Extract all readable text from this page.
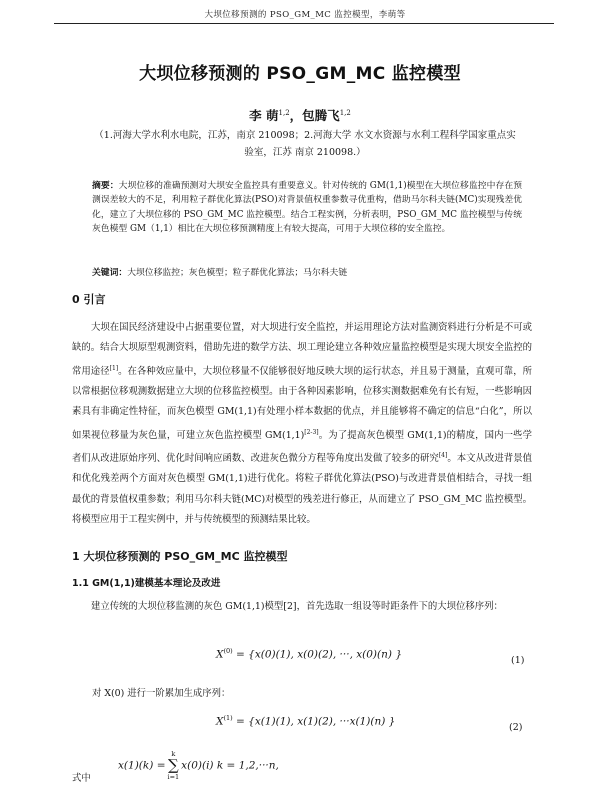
大坝位移预测的 PSO_GM_MC 监控模型，李萌等
大坝位移预测的 PSO_GM_MC 监控模型
李 萌$^{1,2}$，包腾飞$^{1,2}$
（1.河海大学水利水电院，江苏，南京 210098；2.河海大学 水文水资源与水利工程科学国家重点实
验室，江苏 南京 210098.）
摘要：大坝位移的准确预测对大坝安全监控具有重要意义。针对传统的 GM(1,1)模型在大坝位移监控中存在预测误差较大的不足，利用粒子群优化算法(PSO)对背景值权重参数寻优重构，借助马尔科夫链(MC)实现残差优化，建立了大坝位移的 PSO_GM_MC 监控模型。结合工程实例，分析表明，PSO_GM_MC 监控模型与传统灰色模型 GM（1,1）相比在大坝位移预测精度上有较大提高，可用于大坝位移的安全监控。
关键词：大坝位移监控；灰色模型；粒子群优化算法；马尔科夫链
0 引言
大坝在国民经济建设中占据重要位置，对大坝进行安全监控，并运用理论方法对监测资料进行分析是不可或缺的。结合大坝原型观测资料，借助先进的数学方法、坝工理论建立各种效应量监控模型是实现大坝安全监控的常用途径[1]。在各种效应量中，大坝位移量不仅能够很好地反映大坝的运行状态，并且易于测量，直观可靠，所以常根据位移观测数据建立大坝的位移监控模型。由于各种因素影响，位移实测数据难免有长有短，一些影响因素具有非确定性特征，而灰色模型 GM(1,1)有处理小样本数据的优点，并且能够将不确定的信息“白化”，所以如果视位移量为灰色量，可建立灰色监控模型 GM(1,1)[2-3]。为了提高灰色模型 GM(1,1)的精度，国内一些学者们从改进原始序列、优化时间响应函数、改进灰色微分方程等角度出发做了较多的研究[4]。本文从改进背景值和优化残差两个方面对灰色模型 GM(1,1)进行优化。将粒子群优化算法(PSO)与改进背景值相结合，寻找一组最优的背景值权重参数；利用马尔科夫链(MC)对模型的残差进行修正，从而建立了 PSO_GM_MC 监控模型。将模型应用于工程实例中，并与传统模型的预测结果比较。
1 大坝位移预测的 PSO_GM_MC 监控模型
1.1 GM(1,1)建模基本理论及改进
建立传统的大坝位移监测的灰色 GM(1,1)模型[2]，首先选取一组设等时距条件下的大坝位移序列：
$X^{(0)} = \{x(0)(1)$, x(0)(2), ···, x(0)(n) }	(1)
对 X(0) 进行一阶累加生成序列：
$X^{(1)} = \{x(1)(1)$, x(1)(2), ···x(1)(n) }	(2)
x(1)(k) =
k
∑
i=1
x(0)(i) k = 1,2,···n,
式中
